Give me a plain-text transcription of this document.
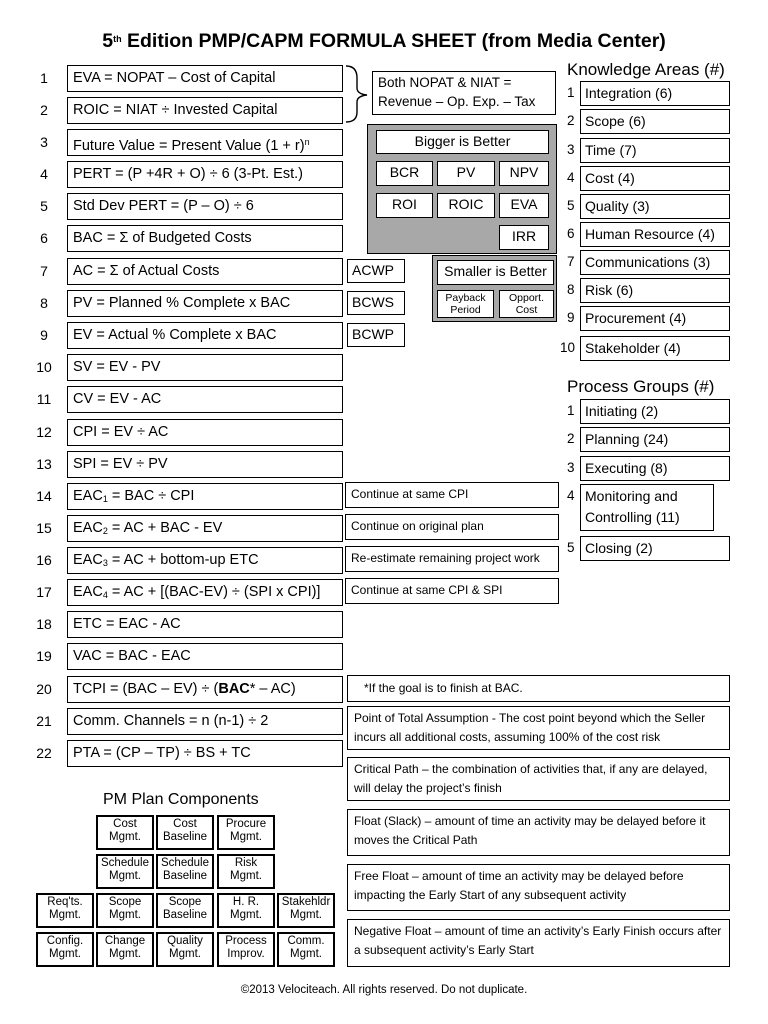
5th Edition PMP/CAPM FORMULA SHEET (from Media Center)
1	EVA = NOPAT – Cost of Capital
2	ROIC = NIAT ÷ Invested Capital
3	Future Value = Present Value $(1 + r)^n$
4	PERT = (P +4R + O) ÷ 6 (3-Pt. Est.)
5	Std Dev PERT = (P – O) ÷ 6
6	BAC = Σ of Budgeted Costs
7	AC = Σ of Actual Costs
8	PV = Planned % Complete x BAC
9	EV = Actual % Complete x BAC
10	SV = EV - PV
11	CV = EV - AC
12	CPI = EV ÷ AC
13	SPI = EV ÷ PV
14	$EAC_1$ = BAC ÷ CPI
15	$EAC_2$ = AC + BAC - EV
16	$EAC_3$ = AC + bottom-up ETC
17	$EAC_4$ = AC + [(BAC-EV) ÷ (SPI x CPI)]
18	ETC = EAC - AC
19	VAC = BAC - EAC
20	TCPI = (BAC – EV) ÷ (BAC* – AC)
21	Comm. Channels = n (n-1) ÷ 2
22	PTA = (CP – TP) ÷ BS + TC
Both NOPAT & NIAT =
Revenue – Op. Exp. – Tax
Bigger is Better
BCR	PV	NPV
ROI	ROIC	EVA
IRR
Smaller is Better
Payback
Period
Opport.
Cost
ACWP
BCWS
BCWP
Continue at same CPI
Continue on original plan
Re-estimate remaining project work
Continue at same CPI & SPI
*If the goal is to finish at BAC.
Point of Total Assumption - The cost point beyond which the Seller incurs all additional costs, assuming 100% of the cost risk
Critical Path – the combination of activities that, if any are delayed, will delay the project’s finish
Float (Slack) – amount of time an activity may be delayed before it moves the Critical Path
Free Float – amount of time an activity may be delayed before impacting the Early Start of any subsequent activity
Negative Float – amount of time an activity’s Early Finish occurs after a subsequent activity’s Early Start
Knowledge Areas (#)
1 Integration (6)
2 Scope (6)
3 Time (7)
4 Cost (4)
5 Quality (3)
6 Human Resource (4)
7 Communications (3)
8 Risk (6)
9 Procurement (4)
10 Stakeholder (4)
Process Groups (#)
1 Initiating (2)
2 Planning (24)
3 Executing (8)
4 Monitoring and Controlling (11)
5 Closing (2)
PM Plan Components
Cost
Mgmt.
Cost
Baseline
Procure
Mgmt.
Schedule
Mgmt.
Schedule
Baseline
Risk
Mgmt.
Req'ts.
Mgmt.
Scope
Mgmt.
Scope
Baseline
H. R.
Mgmt.
Stakehldr
Mgmt.
Config.
Mgmt.
Change
Mgmt.
Quality
Mgmt.
Process
Improv.
Comm.
Mgmt.
©2013 Velociteach. All rights reserved. Do not duplicate.
